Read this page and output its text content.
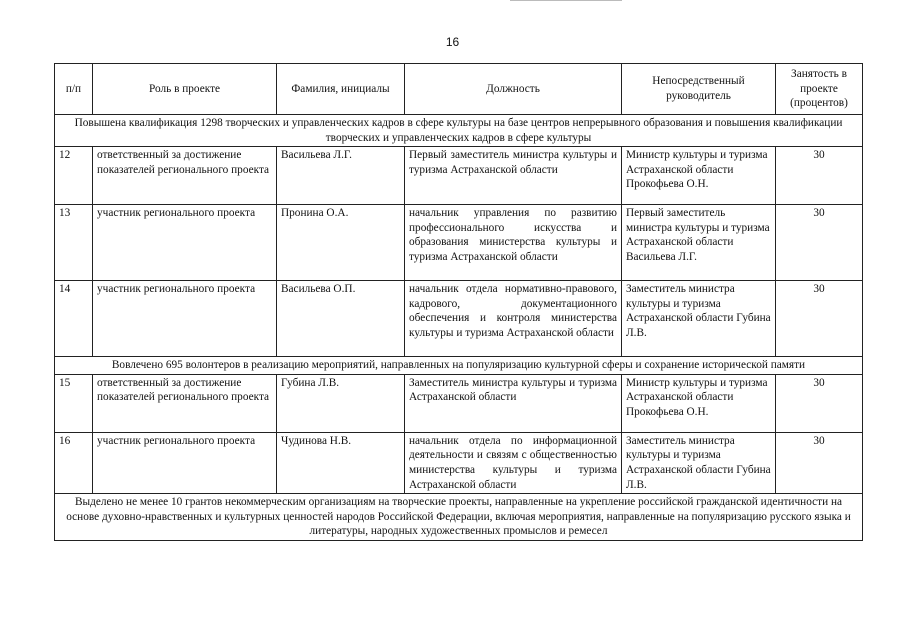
16
п/п	Роль в проекте	Фамилия, инициалы	Должность	Непосредственный руководитель	Занятость в проекте (процентов)
Повышена квалификация 1298 творческих и управленческих кадров в сфере культуры на базе центров непрерывного образования и повышения квалификации творческих и управленческих кадров в сфере культуры					
12	ответственный за достижение показателей регионального проекта	Васильева Л.Г.	Первый заместитель министра культуры и туризма Астраханской области	Министр культуры и туризма Астраханской области Прокофьева О.Н.	30
13	участник регионального проекта	Пронина О.А.	начальник управления по развитию профессионального искусства и образования министерства культуры и туризма Астраханской области	Первый заместитель министра культуры и туризма Астраханской области Васильева Л.Г.	30
14	участник регионального проекта	Васильева О.П.	начальник отдела нормативно-правового, кадрового, документационного обеспечения и контроля министерства культуры и туризма Астраханской области	Заместитель министра культуры и туризма Астраханской области Губина Л.В.	30
Вовлечено 695 волонтеров в реализацию мероприятий, направленных на популяризацию культурной сферы и сохранение исторической памяти					
15	ответственный за достижение показателей регионального проекта	Губина Л.В.	Заместитель министра культуры и туризма Астраханской области	Министр культуры и туризма Астраханской области Прокофьева О.Н.	30
16	участник регионального проекта	Чудинова Н.В.	начальник отдела по информационной деятельности и связям с общественностью министерства культуры и туризма Астраханской области	Заместитель министра культуры и туризма Астраханской области Губина Л.В.	30
Выделено не менее 10 грантов некоммерческим организациям на творческие проекты, направленные на укрепление российской гражданской идентичности на основе духовно-нравственных и культурных ценностей народов Российской Федерации, включая мероприятия, направленные на популяризацию русского языка и литературы, народных художественных промыслов и ремесел					
